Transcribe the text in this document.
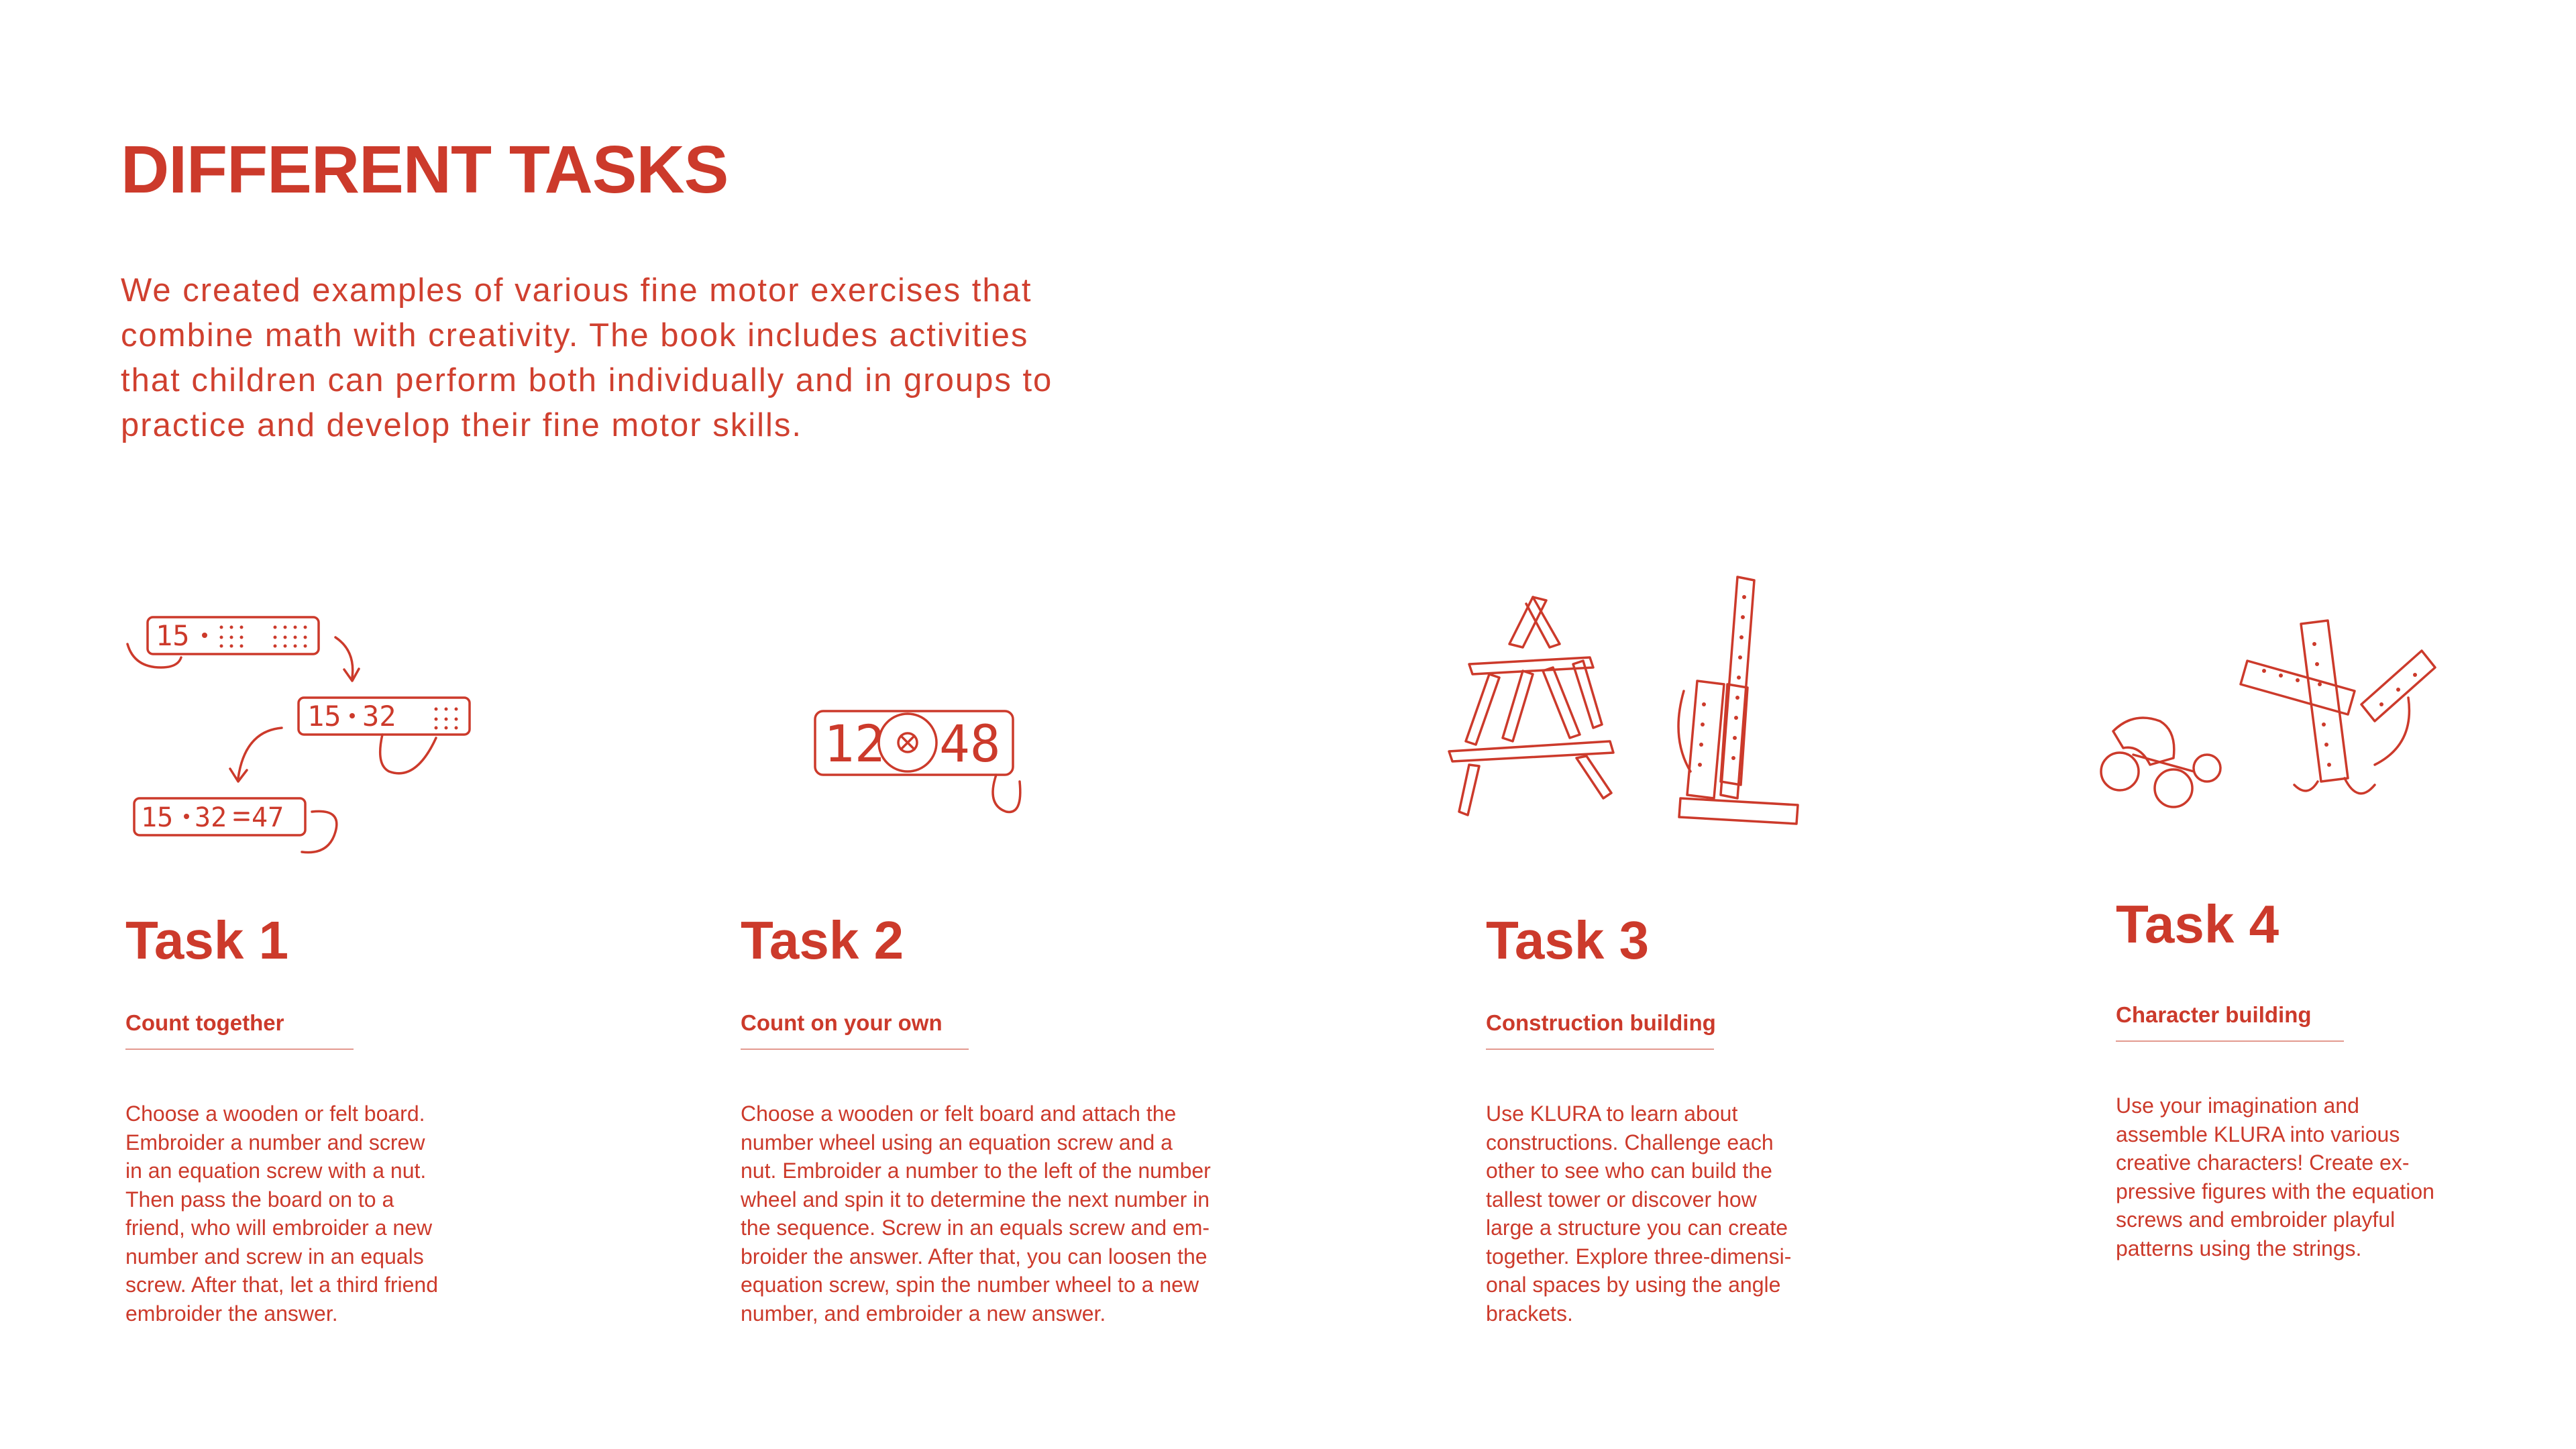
DIFFERENT TASKS
We created examples of various fine motor exercises that
combine math with creativity. The book includes activities
that children can perform both individually and in groups to
practice and develop their fine motor skills.
15
15 32
15 32 47
12 48
Task 1

Count together

Choose a wooden or felt board.
Embroider a number and screw
in an equation screw with a nut.
Then pass the board on to a
friend, who will embroider a new
number and screw in an equals
screw. After that, let a third friend
embroider the answer.
Task 2

Count on your own

Choose a wooden or felt board and attach the
number wheel using an equation screw and a
nut. Embroider a number to the left of the number
wheel and spin it to determine the next number in
the sequence. Screw in an equals screw and em-
broider the answer. After that, you can loosen the
equation screw, spin the number wheel to a new
number, and embroider a new answer.
Task 3

Construction building

Use KLURA to learn about
constructions. Challenge each
other to see who can build the
tallest tower or discover how
large a structure you can create
together. Explore three-dimensi-
onal spaces by using the angle
brackets.
Task 4

Character building

Use your imagination and
assemble KLURA into various
creative characters! Create ex-
pressive figures with the equation
screws and embroider playful
patterns using the strings.
